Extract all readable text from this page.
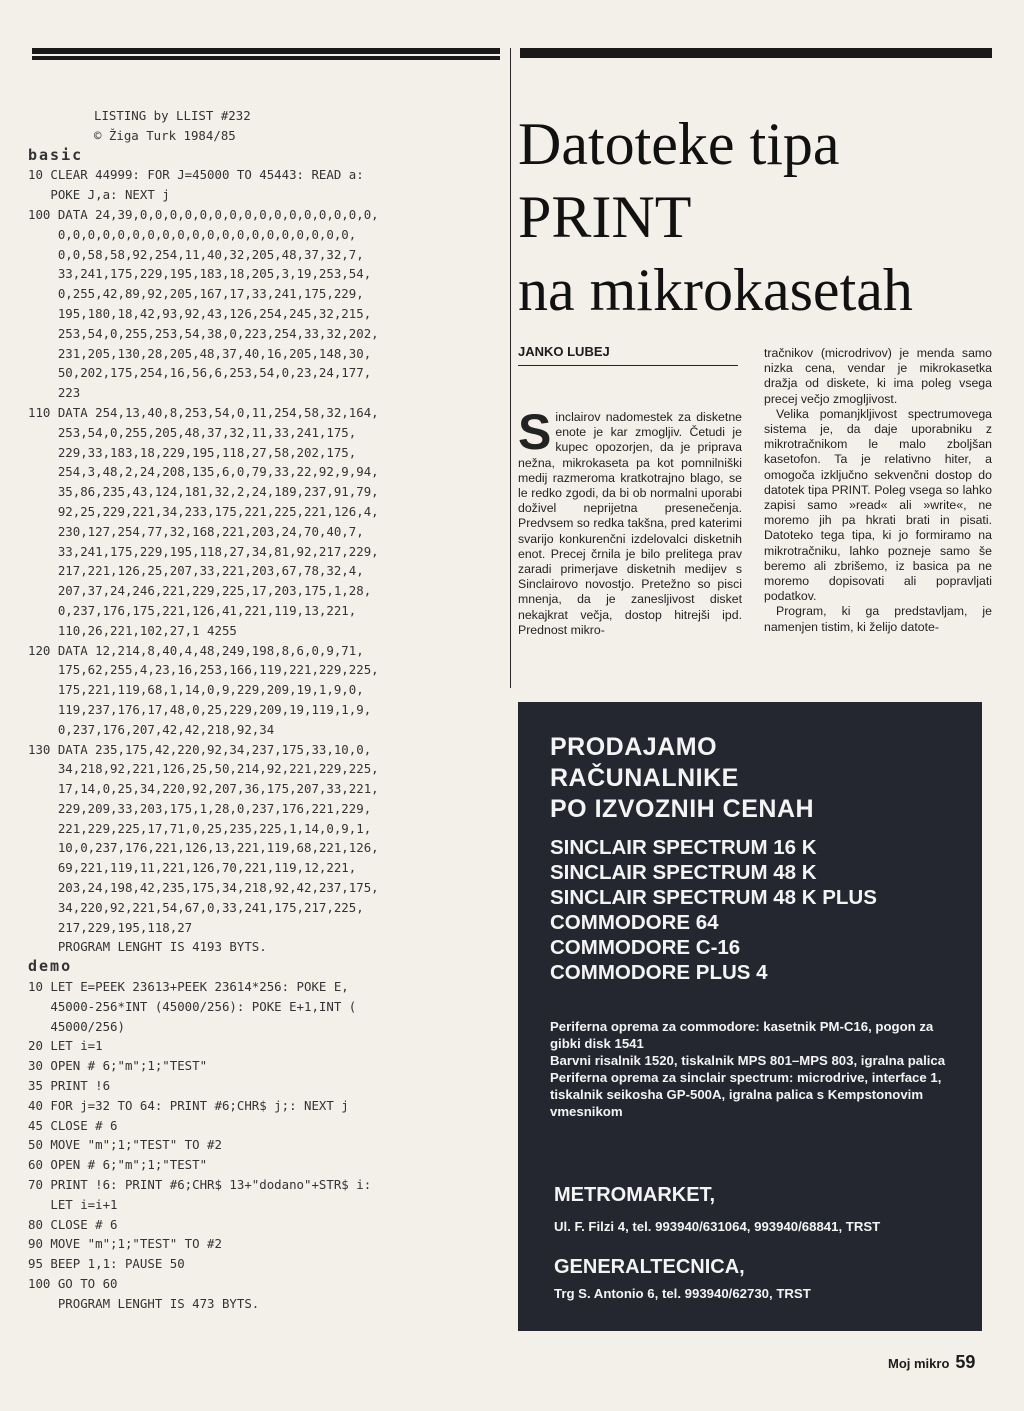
LISTING by LLIST #232
© Žiga Turk 1984/85
basic
10 CLEAR 44999: FOR J=45000 TO 45443: READ a:
POKE J,a: NEXT j
100 DATA 24,39,0,0,0,0,0,0,0,0,0,0,0,0,0,0,0,0,
0,0,0,0,0,0,0,0,0,0,0,0,0,0,0,0,0,0,0,0,
0,0,58,58,92,254,11,40,32,205,48,37,32,7,
33,241,175,229,195,183,18,205,3,19,253,54,
0,255,42,89,92,205,167,17,33,241,175,229,
195,180,18,42,93,92,43,126,254,245,32,215,
253,54,0,255,253,54,38,0,223,254,33,32,202,
231,205,130,28,205,48,37,40,16,205,148,30,
50,202,175,254,16,56,6,253,54,0,23,24,177,
223
110 DATA 254,13,40,8,253,54,0,11,254,58,32,164,
253,54,0,255,205,48,37,32,11,33,241,175,
229,33,183,18,229,195,118,27,58,202,175,
254,3,48,2,24,208,135,6,0,79,33,22,92,9,94,
35,86,235,43,124,181,32,2,24,189,237,91,79,
92,25,229,221,34,233,175,221,225,221,126,4,
230,127,254,77,32,168,221,203,24,70,40,7,
33,241,175,229,195,118,27,34,81,92,217,229,
217,221,126,25,207,33,221,203,67,78,32,4,
207,37,24,246,221,229,225,17,203,175,1,28,
0,237,176,175,221,126,41,221,119,13,221,
110,26,221,102,27,1 4255
120 DATA 12,214,8,40,4,48,249,198,8,6,0,9,71,
175,62,255,4,23,16,253,166,119,221,229,225,
175,221,119,68,1,14,0,9,229,209,19,1,9,0,
119,237,176,17,48,0,25,229,209,19,119,1,9,
0,237,176,207,42,42,218,92,34
130 DATA 235,175,42,220,92,34,237,175,33,10,0,
34,218,92,221,126,25,50,214,92,221,229,225,
17,14,0,25,34,220,92,207,36,175,207,33,221,
229,209,33,203,175,1,28,0,237,176,221,229,
221,229,225,17,71,0,25,235,225,1,14,0,9,1,
10,0,237,176,221,126,13,221,119,68,221,126,
69,221,119,11,221,126,70,221,119,12,221,
203,24,198,42,235,175,34,218,92,42,237,175,
34,220,92,221,54,67,0,33,241,175,217,225,
217,229,195,118,27
PROGRAM LENGHT IS 4193 BYTS.
demo
10 LET E=PEEK 23613+PEEK 23614*256: POKE E,
45000-256*INT (45000/256): POKE E+1,INT (
45000/256)
20 LET i=1
30 OPEN # 6;"m";1;"TEST"
35 PRINT !6
40 FOR j=32 TO 64: PRINT #6;CHR$ j;: NEXT j
45 CLOSE # 6
50 MOVE "m";1;"TEST" TO #2
60 OPEN # 6;"m";1;"TEST"
70 PRINT !6: PRINT #6;CHR$ 13+"dodano"+STR$ i:
LET i=i+1
80 CLOSE # 6
90 MOVE "m";1;"TEST" TO #2
95 BEEP 1,1: PAUSE 50
100 GO TO 60
PROGRAM LENGHT IS 473 BYTS.
Datoteke tipa
PRINT
na mikrokasetah
JANKO LUBEJ
S inclairov nadomestek za disketne enote je kar zmogljiv. Četudi je kupec opozorjen, da je priprava nežna, mikrokaseta pa kot pomnilniški medij razmeroma kratkotrajno blago, se le redko zgodi, da bi ob normalni uporabi doživel neprijetna presenečenja. Predvsem so redka takšna, pred katerimi svarijo konkurenčni izdelovalci disketnih enot. Precej črnila je bilo prelitega prav zaradi primerjave disketnih medijev s Sinclairovo novostjo. Pretežno so pisci mnenja, da je zanesljivost disket nekajkrat večja, dostop hitrejši ipd. Prednost mikro-

tračnikov (microdrivov) je menda samo nizka cena, vendar je mikrokasetka dražja od diskete, ki ima poleg vsega precej večjo zmogljivost.

Velika pomanjkljivost spectrumovega sistema je, da daje uporabniku z mikrotračnikom le malo zboljšan kasetofon. Ta je relativno hiter, a omogoča izključno sekvenčni dostop do datotek tipa PRINT. Poleg vsega so lahko zapisi samo »read« ali »write«, ne moremo jih pa hkrati brati in pisati. Datoteko tega tipa, ki jo formiramo na mikrotračniku, lahko pozneje samo še beremo ali zbrišemo, iz basica pa ne moremo dopisovati ali popravljati podatkov.

Program, ki ga predstavljam, je namenjen tistim, ki želijo datote-

PRODAJAMO
RAČUNALNIKE
PO IZVOZNIH CENAH
SINCLAIR SPECTRUM 16 K
SINCLAIR SPECTRUM 48 K
SINCLAIR SPECTRUM 48 K PLUS
COMMODORE 64
COMMODORE C-16
COMMODORE PLUS 4

Periferna oprema za commodore: kasetnik PM-C16, pogon za gibki disk 1541

Barvni risalnik 1520, tiskalnik MPS 801–MPS 803, igralna palica

Periferna oprema za sinclair spectrum: microdrive, interface 1, tiskalnik seikosha GP-500A, igralna palica s Kempstonovim vmesnikom

METROMARKET,
Ul. F. Filzi 4, tel. 993940/631064, 993940/68841, TRST
GENERALTECNICA,
Trg S. Antonio 6, tel. 993940/62730, TRST
Moj mikro 59
